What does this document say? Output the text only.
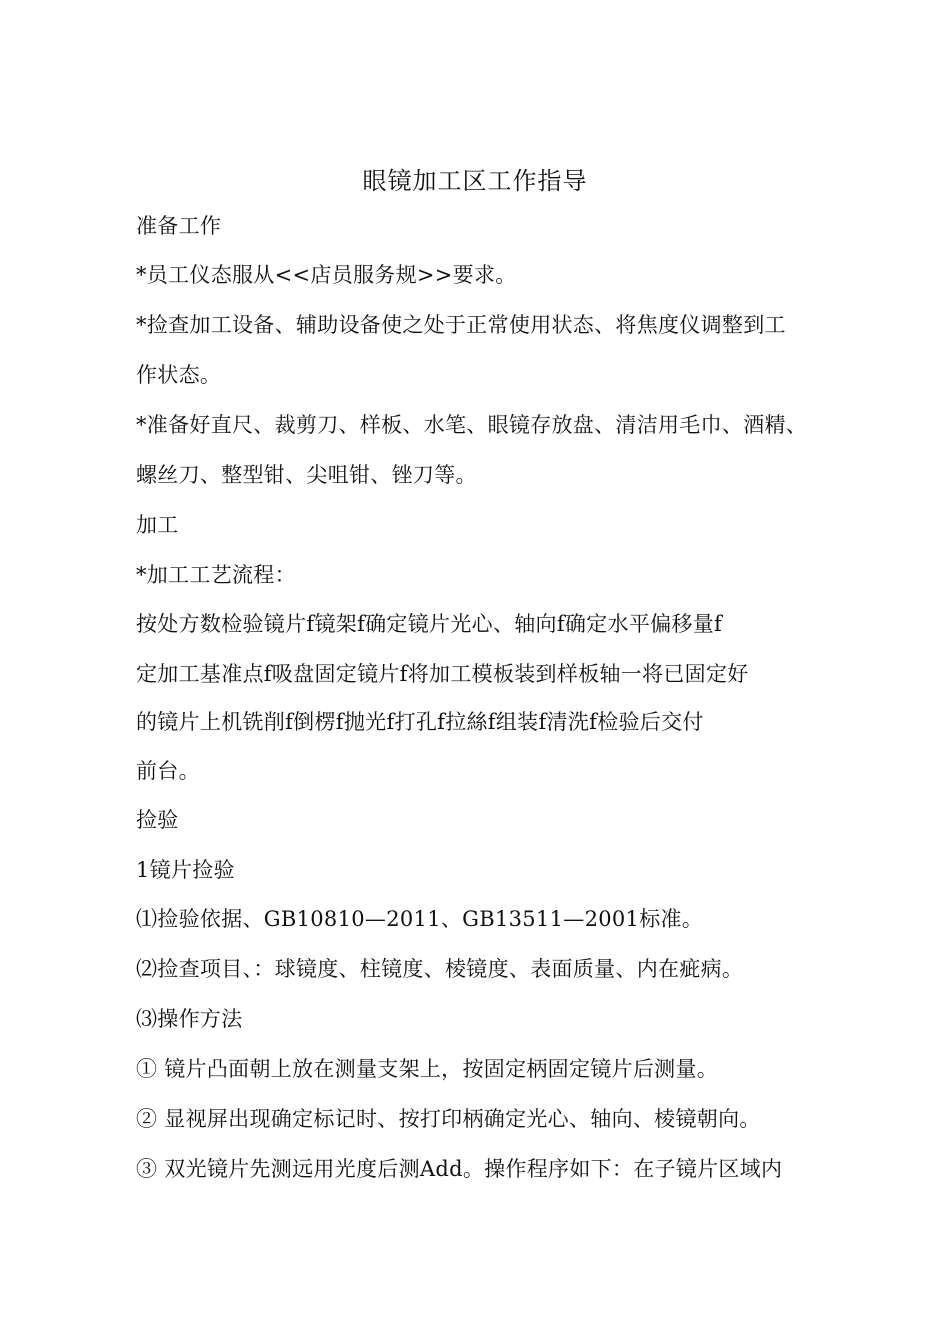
眼镜加工区工作指导
准备工作
*员工仪态服从<<店员服务规>>要求。
*捡查加工设备、辅助设备使之处于正常使用状态、将焦度仪调整到工
作状态。
*准备好直尺、裁剪刀、样板、水笔、眼镜存放盘、清洁用毛巾、酒精、
螺丝刀、整型钳、尖咀钳、锉刀等。
加工
*加工工艺流程：
按处方数检验镜片f镜架f确定镜片光心、轴向f确定水平偏移量f
定加工基准点f吸盘固定镜片f将加工模板装到样板轴一将已固定好
的镜片上机铣削f倒楞f抛光f打孔f拉絲f组装f清洗f检验后交付
前台。
捡验
1镜片捡验
⑴捡验依据、GB10810—2011、GB13511—2001标准。
⑵捡查项目、：球镜度、柱镜度、棱镜度、表面质量、内在疵病。
⑶操作方法
① 镜片凸面朝上放在测量支架上，按固定柄固定镜片后测量。
② 显视屏出现确定标记时、按打印柄确定光心、轴向、棱镜朝向。
③ 双光镜片先测远用光度后测Add。操作程序如下：在子镜片区域内
